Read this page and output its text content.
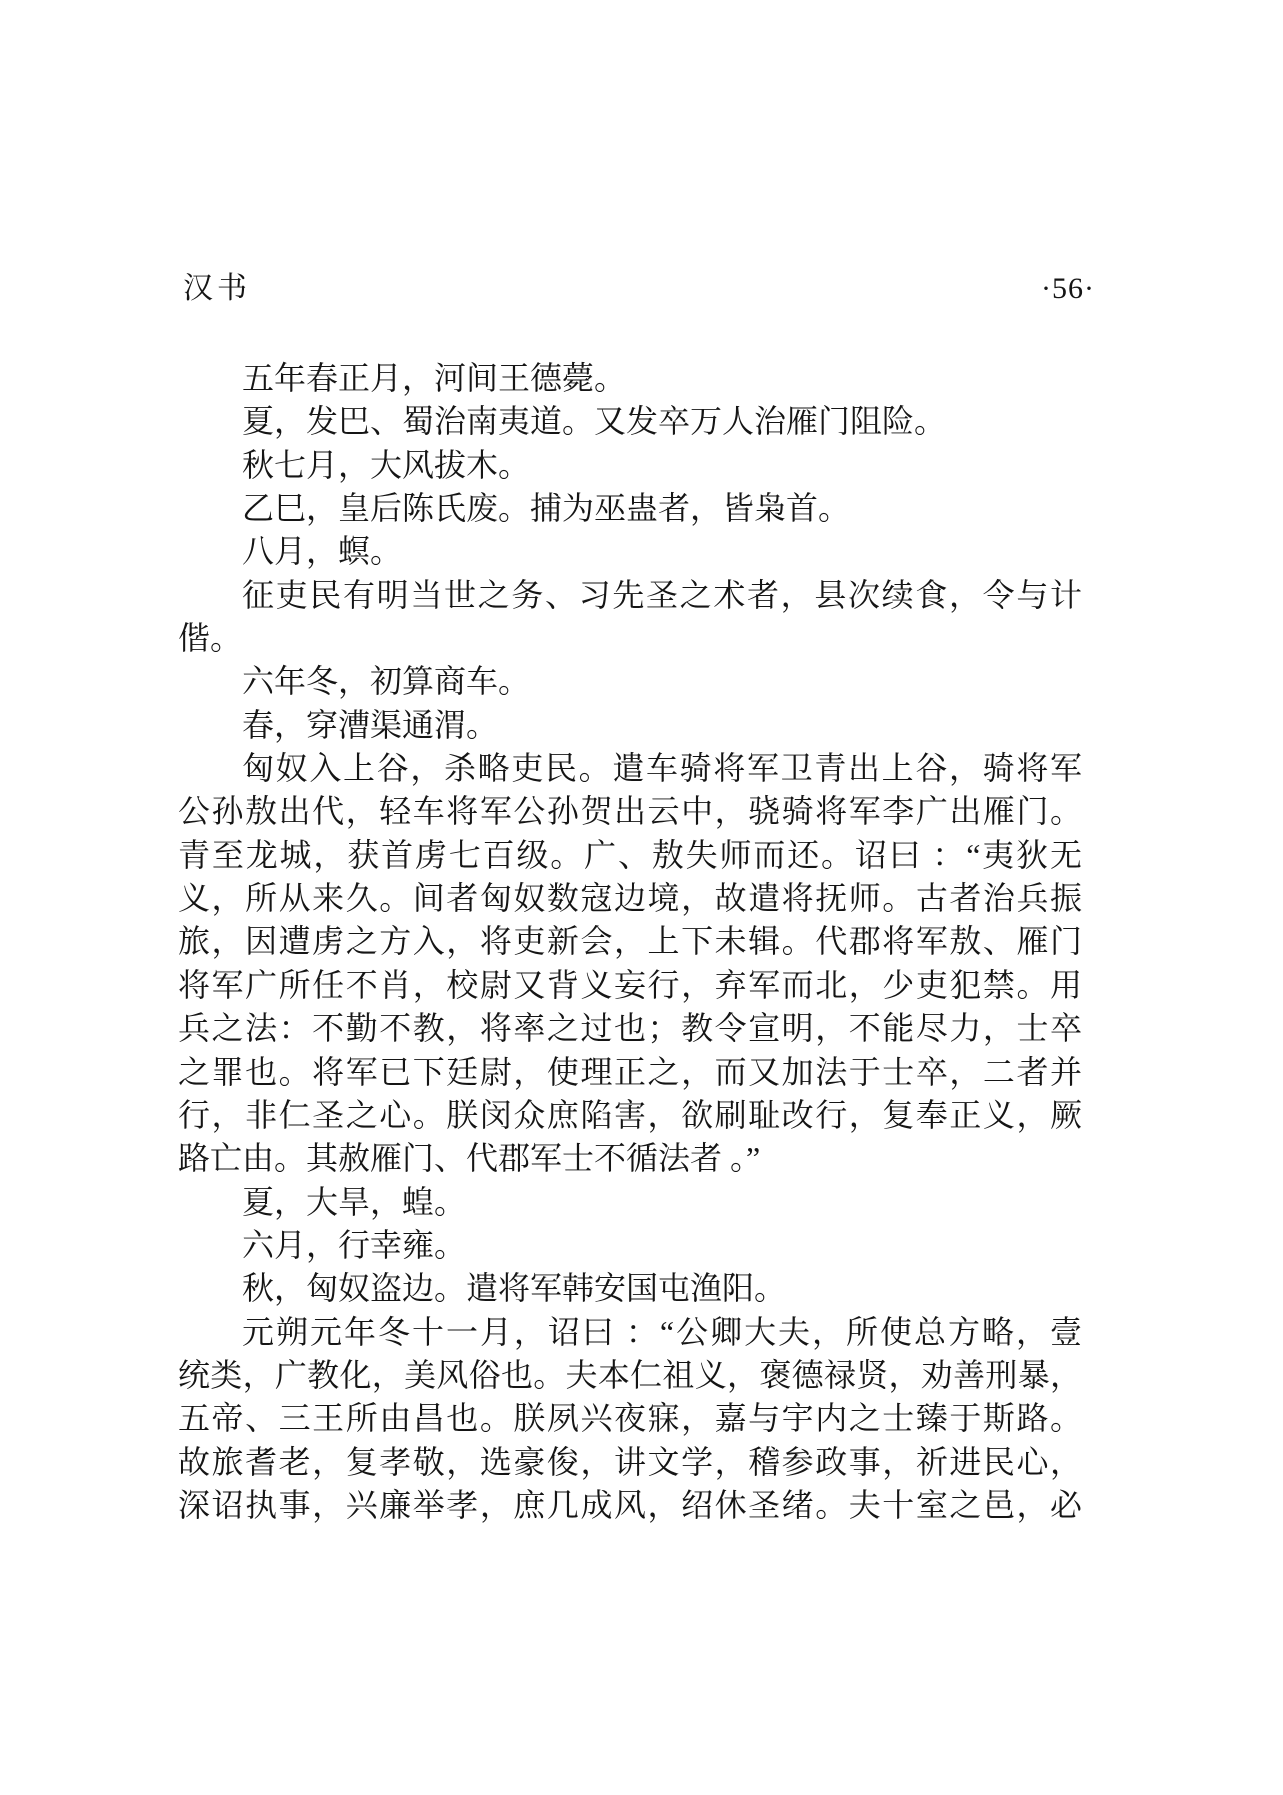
汉书	·56·
五年春正月，河间王德薨。
夏，发巴、蜀治南夷道。又发卒万人治雁门阻险。
秋七月，大风拔木。
乙巳，皇后陈氏废。捕为巫蛊者，皆枭首。
八月，螟。
征吏民有明当世之务、习先圣之术者，县次续食，令与计
偕。
六年冬，初算商车。
春，穿漕渠通渭。
匈奴入上谷，杀略吏民。遣车骑将军卫青出上谷，骑将军
公孙敖出代，轻车将军公孙贺出云中，骁骑将军李广出雁门。
青至龙城，获首虏七百级。广、敖失师而还。诏曰 ：“夷狄无
义，所从来久。间者匈奴数寇边境，故遣将抚师。古者治兵振
旅，因遭虏之方入，将吏新会，上下未辑。代郡将军敖、雁门
将军广所任不肖，校尉又背义妄行，弃军而北，少吏犯禁。用
兵之法：不勤不教，将率之过也；教令宣明，不能尽力，士卒
之罪也。将军已下廷尉，使理正之，而又加法于士卒，二者并
行，非仁圣之心。朕闵众庶陷害，欲刷耻改行，复奉正义，厥
路亡由。其赦雁门、代郡军士不循法者 。”
夏，大旱，蝗。
六月，行幸雍。
秋，匈奴盗边。遣将军韩安国屯渔阳。
元朔元年冬十一月，诏曰 ：“公卿大夫，所使总方略，壹
统类，广教化，美风俗也。夫本仁祖义，褒德禄贤，劝善刑暴，
五帝、三王所由昌也。朕夙兴夜寐，嘉与宇内之士臻于斯路。
故旅耆老，复孝敬，选豪俊，讲文学，稽参政事，祈进民心，
深诏执事，兴廉举孝，庶几成风，绍休圣绪。夫十室之邑，必
